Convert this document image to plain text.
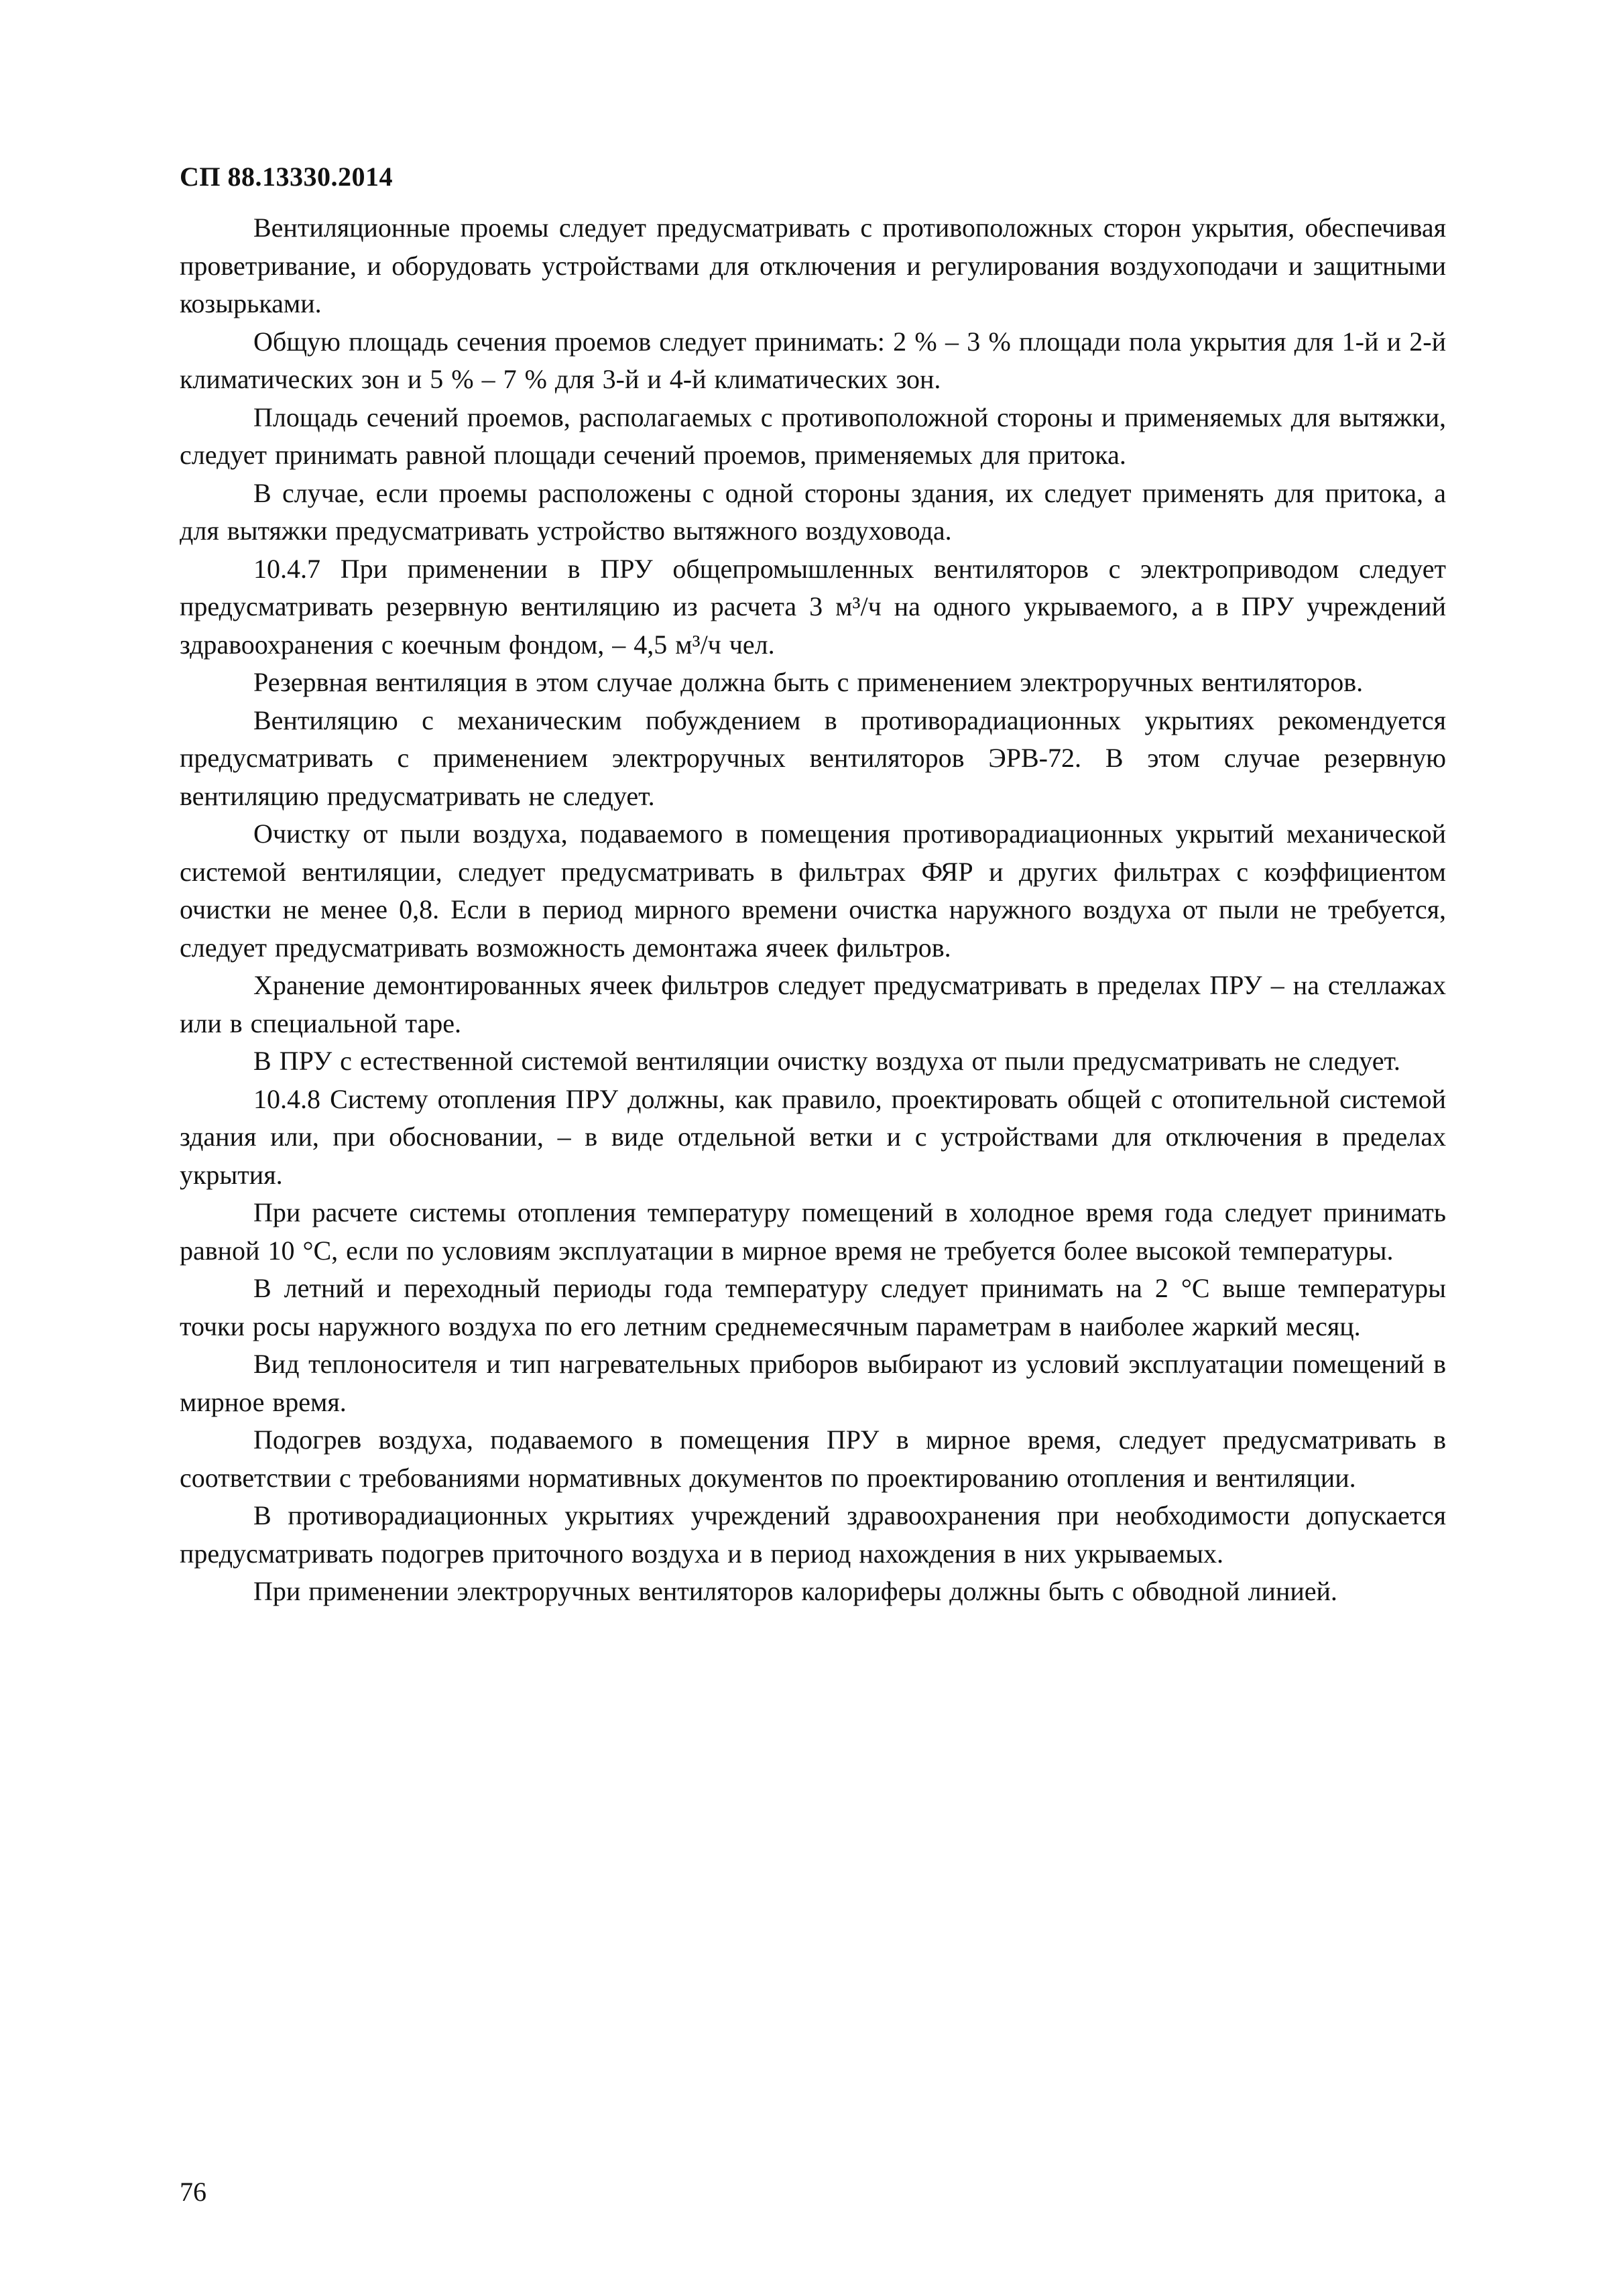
СП 88.13330.2014

Вентиляционные проемы следует предусматривать с противоположных сторон укрытия, обеспечивая проветривание, и оборудовать устройствами для отключения и регулирования воздухоподачи и защитными козырьками.

Общую площадь сечения проемов следует принимать: 2 % – 3 % площади пола укрытия для 1-й и 2-й климатических зон и 5 % – 7 % для 3-й и 4-й климатических зон.

Площадь сечений проемов, располагаемых с противоположной стороны и применяемых для вытяжки, следует принимать равной площади сечений проемов, применяемых для притока.

В случае, если проемы расположены с одной стороны здания, их следует применять для притока, а для вытяжки предусматривать устройство вытяжного воздуховода.

10.4.7 При применении в ПРУ общепромышленных вентиляторов с электроприводом следует предусматривать резервную вентиляцию из расчета 3 м³/ч на одного укрываемого, а в ПРУ учреждений здравоохранения с коечным фондом, – 4,5 м³/ч чел.

Резервная вентиляция в этом случае должна быть с применением электроручных вентиляторов.

Вентиляцию с механическим побуждением в противорадиационных укрытиях рекомендуется предусматривать с применением электроручных вентиляторов ЭРВ-72. В этом случае резервную вентиляцию предусматривать не следует.

Очистку от пыли воздуха, подаваемого в помещения противорадиационных укрытий механической системой вентиляции, следует предусматривать в фильтрах ФЯР и других фильтрах с коэффициентом очистки не менее 0,8. Если в период мирного времени очистка наружного воздуха от пыли не требуется, следует предусматривать возможность демонтажа ячеек фильтров.

Хранение демонтированных ячеек фильтров следует предусматривать в пределах ПРУ – на стеллажах или в специальной таре.

В ПРУ с естественной системой вентиляции очистку воздуха от пыли предусматривать не следует.

10.4.8 Систему отопления ПРУ должны, как правило, проектировать общей с отопительной системой здания или, при обосновании, – в виде отдельной ветки и с устройствами для отключения в пределах укрытия.

При расчете системы отопления температуру помещений в холодное время года следует принимать равной 10 °С, если по условиям эксплуатации в мирное время не требуется более высокой температуры.

В летний и переходный периоды года температуру следует принимать на 2 °С выше температуры точки росы наружного воздуха по его летним среднемесячным параметрам в наиболее жаркий месяц.

Вид теплоносителя и тип нагревательных приборов выбирают из условий эксплуатации помещений в мирное время.

Подогрев воздуха, подаваемого в помещения ПРУ в мирное время, следует предусматривать в соответствии с требованиями нормативных документов по проектированию отопления и вентиляции.

В противорадиационных укрытиях учреждений здравоохранения при необходимости допускается предусматривать подогрев приточного воздуха и в период нахождения в них укрываемых.

При применении электроручных вентиляторов калориферы должны быть с обводной линией.

76
